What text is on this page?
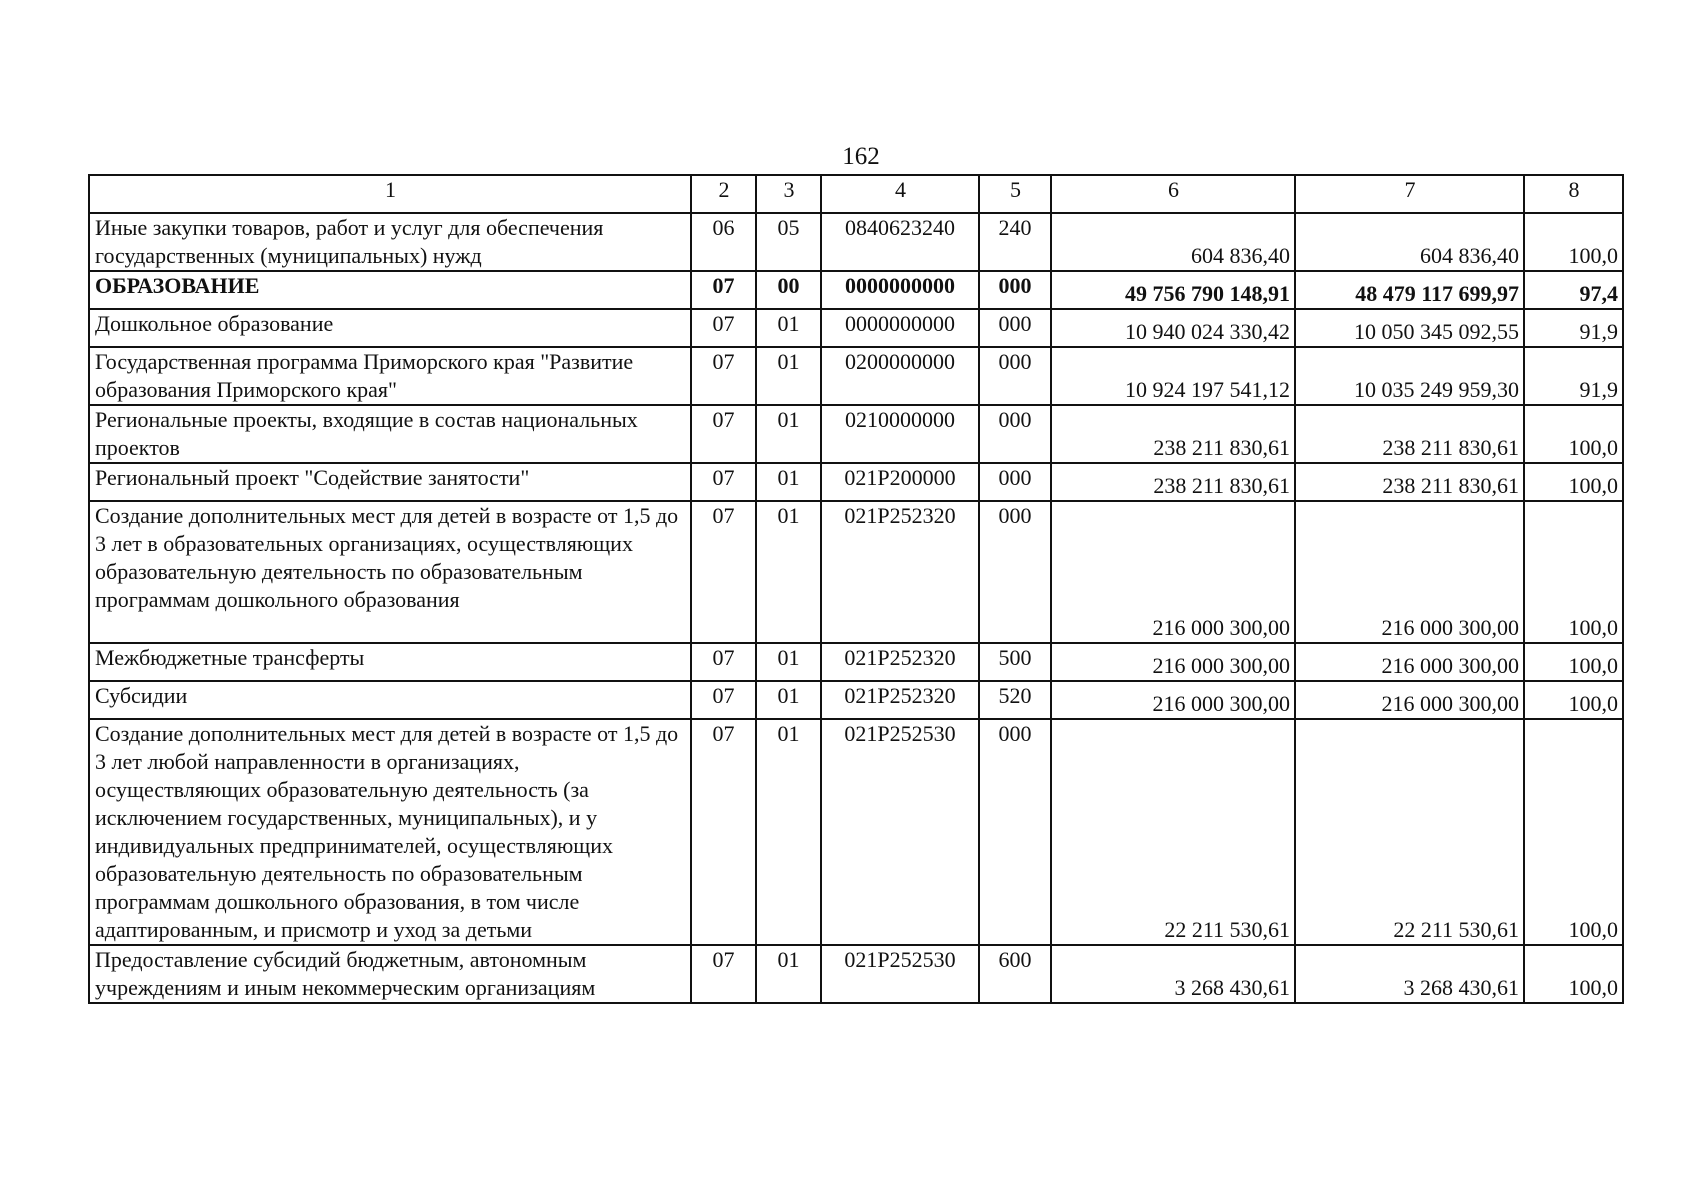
162
1	2	3	4	5	6	7	8
Иные закупки товаров, работ и услуг для обеспечения государственных (муниципальных) нужд	06	05	0840623240	240	604 836,40	604 836,40	100,0
ОБРАЗОВАНИЕ	07	00	0000000000	000	49 756 790 148,91	48 479 117 699,97	97,4
Дошкольное образование	07	01	0000000000	000	10 940 024 330,42	10 050 345 092,55	91,9
Государственная программа Приморского края "Развитие образования Приморского края"	07	01	0200000000	000	10 924 197 541,12	10 035 249 959,30	91,9
Региональные проекты, входящие в состав национальных проектов	07	01	0210000000	000	238 211 830,61	238 211 830,61	100,0
Региональный проект "Содействие занятости"	07	01	021P200000	000	238 211 830,61	238 211 830,61	100,0
Создание дополнительных мест для детей в возрасте от 1,5 до 3 лет в образовательных организациях, осуществляющих образовательную деятельность по образовательным программам дошкольного образования	07	01	021P252320	000	216 000 300,00	216 000 300,00	100,0
Межбюджетные трансферты	07	01	021P252320	500	216 000 300,00	216 000 300,00	100,0
Субсидии	07	01	021P252320	520	216 000 300,00	216 000 300,00	100,0
Создание дополнительных мест для детей в возрасте от 1,5 до 3 лет любой направленности в организациях, осуществляющих образовательную деятельность (за исключением государственных, муниципальных), и у индивидуальных предпринимателей, осуществляющих образовательную деятельность по образовательным программам дошкольного образования, в том числе адаптированным, и присмотр и уход за детьми	07	01	021P252530	000	22 211 530,61	22 211 530,61	100,0
Предоставление субсидий бюджетным, автономным учреждениям и иным некоммерческим организациям	07	01	021P252530	600	3 268 430,61	3 268 430,61	100,0
